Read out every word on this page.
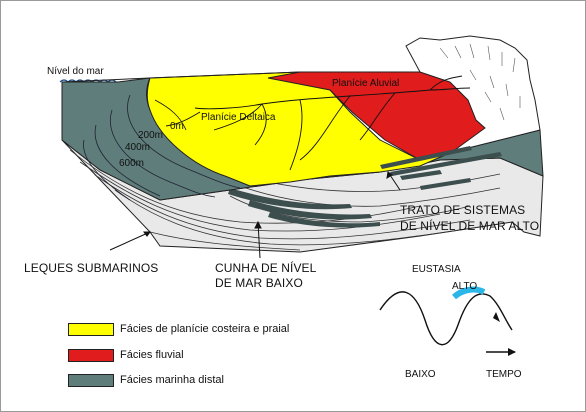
Nível do mar
Planície Aluvial
Planície Deltaica
0m
200m
400m
600m
TRATO DE SISTEMAS
DE NÍVEL DE MAR ALTO
LEQUES SUBMARINOS	CUNHA DE NÍVEL
DE MAR BAIXO
EUSTASIA
ALTO
BAIXO	TEMPO
Fácies de planície costeira e praial
Fácies fluvial
Fácies marinha distal
